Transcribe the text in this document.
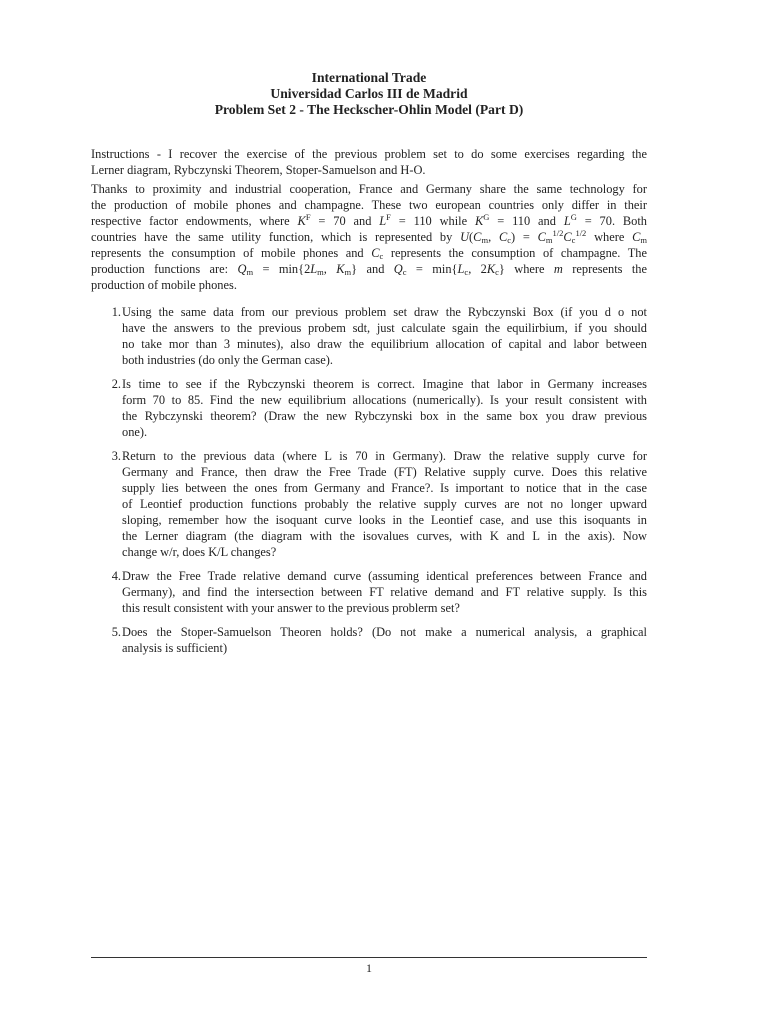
International Trade
Universidad Carlos III de Madrid
Problem Set 2 - The Heckscher-Ohlin Model (Part D)
Instructions - I recover the exercise of the previous problem set to do some exercises regarding the
Lerner diagram, Rybczynski Theorem, Stoper-Samuelson and H-O.
Thanks to proximity and industrial cooperation, France and Germany share the same technology for
the production of mobile phones and champagne. These two european countries only differ in their
respective factor endowments, where $K^F = 70$ and $L^F = 110$ while $K^G = 110$ and $L^G = 70$. Both
countries have the same utility function, which is represented by $U(C_m$, $C_c) = C_m^{1/2}C_c^{1/2}$ where $C_m$
represents the consumption of mobile phones and $C_c$ represents the consumption of champagne. The
production functions are: $Q_m = \min\{2L_m$, $K_m$} and $Q_c = \min\{L_c$, $2K_c$} where m represents the
production of mobile phones.
1. Using the same data from our previous problem set draw the Rybczynski Box (if you d o not
have the answers to the previous probem sdt, just calculate sgain the equilirbium, if you should
no take mor than 3 minutes), also draw the equilibrium allocation of capital and labor between
both industries (do only the German case).
2. Is time to see if the Rybczynski theorem is correct. Imagine that labor in Germany increases
form 70 to 85. Find the new equilibrium allocations (numerically). Is your result consistent with
the Rybczynski theorem? (Draw the new Rybczynski box in the same box you draw previous
one).
3. Return to the previous data (where L is 70 in Germany). Draw the relative supply curve for
Germany and France, then draw the Free Trade (FT) Relative supply curve. Does this relative
supply lies between the ones from Germany and France?. Is important to notice that in the case
of Leontief production functions probably the relative supply curves are not no longer upward
sloping, remember how the isoquant curve looks in the Leontief case, and use this isoquants in
the Lerner diagram (the diagram with the isovalues curves, with K and L in the axis). Now
change w/r, does K/L changes?
4. Draw the Free Trade relative demand curve (assuming identical preferences between France and
Germany), and find the intersection between FT relative demand and FT relative supply. Is this
this result consistent with your answer to the previous problerm set?
5. Does the Stoper-Samuelson Theoren holds? (Do not make a numerical analysis, a graphical
analysis is sufficient)
1
